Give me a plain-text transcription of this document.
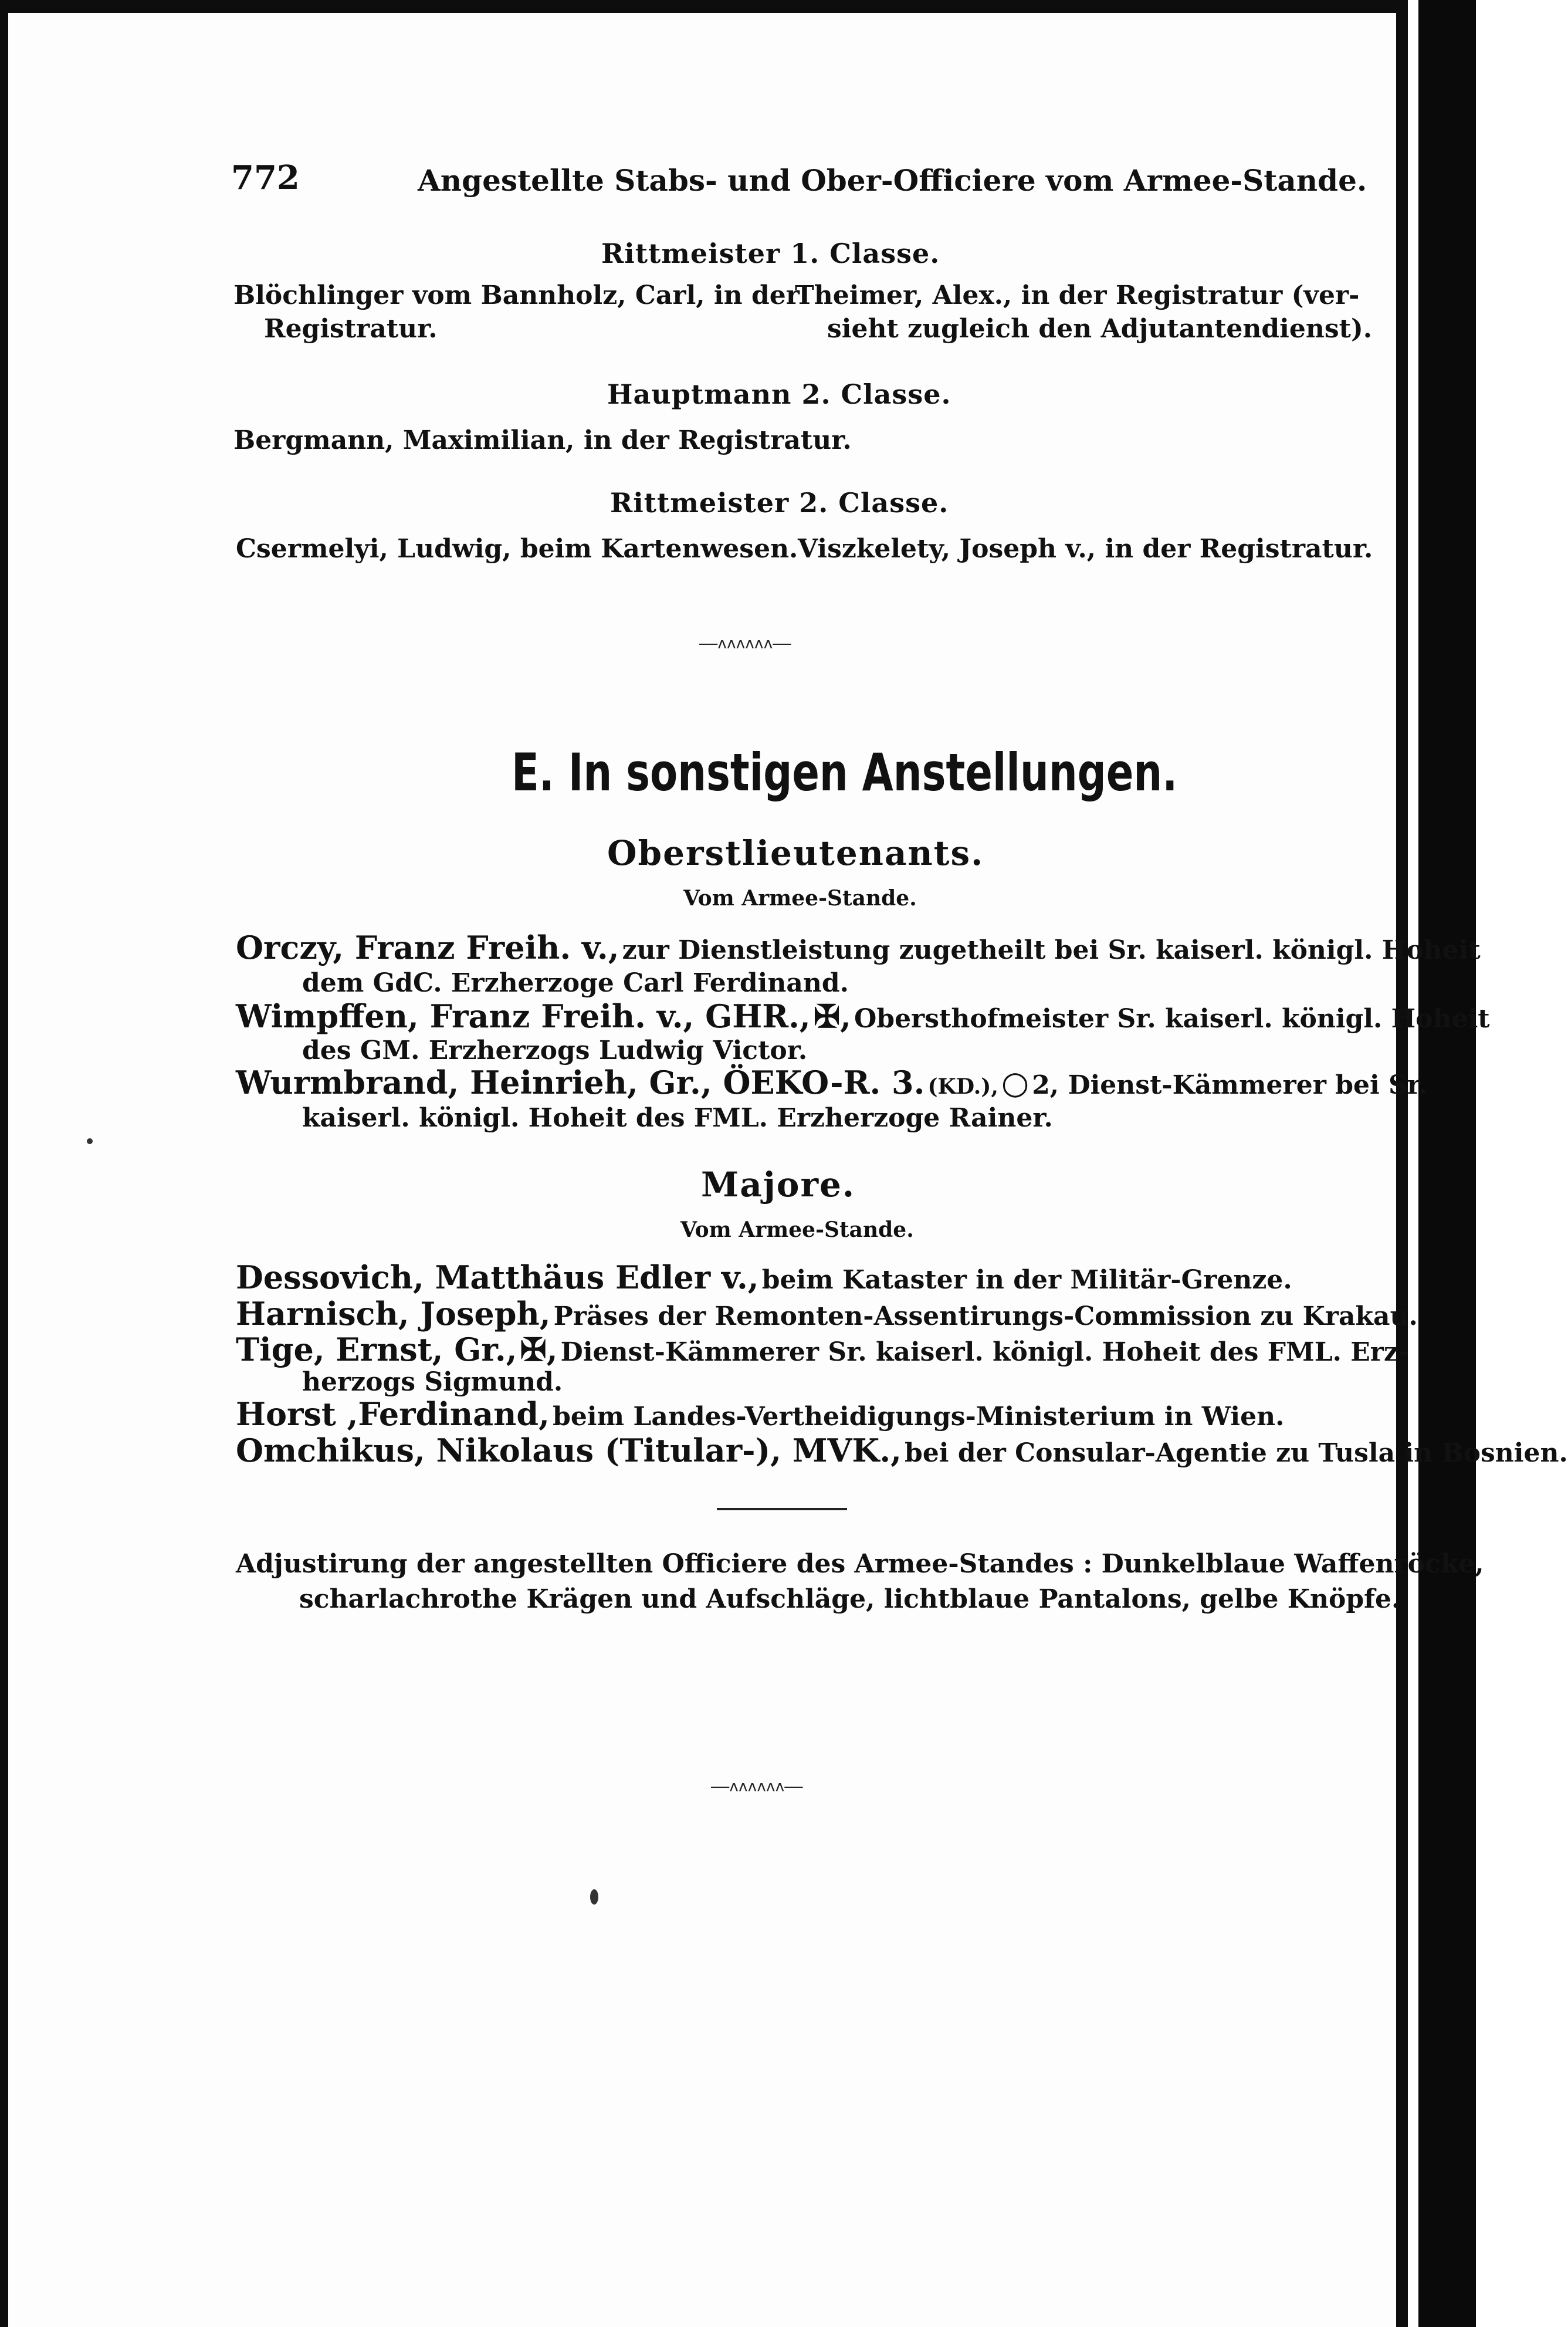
772	Angestellte Stabs- und Ober-Officiere vom Armee-Stande.
Rittmeister 1. Classe.
Blöchlinger vom Bannholz, Carl, in der
Registratur.
Theimer, Alex., in der Registratur (ver-
sieht zugleich den Adjutantendienst).
Hauptmann 2. Classe.
Bergmann, Maximilian, in der Registratur.
Rittmeister 2. Classe.
Csermelyi, Ludwig, beim Kartenwesen. Viszkelety, Joseph v., in der Registratur.
——ʌʌʌʌʌʌ——
E. In sonstigen Anstellungen.
Oberstlieutenants.
Vom Armee-Stande.
Orczy, Franz Freih. v., zur Dienstleistung zugetheilt bei Sr. kaiserl. königl. Hoheit
dem GdC. Erzherzoge Carl Ferdinand.
Wimpffen, Franz Freih. v., GHR., ✠, Obersthofmeister Sr. kaiserl. königl. Hoheit
des GM. Erzherzogs Ludwig Victor.
Wurmbrand, Heinrieh, Gr., ÖEKO-R. 3. (KD.), ○ 2, Dienst-Kämmerer bei Sr.
kaiserl. königl. Hoheit des FML. Erzherzoge Rainer.
Majore.
Vom Armee-Stande.
Dessovich, Matthäus Edler v., beim Kataster in der Militär-Grenze.
Harnisch, Joseph, Präses der Remonten-Assentirungs-Commission zu Krakau.
Tige, Ernst, Gr., ✠, Dienst-Kämmerer Sr. kaiserl. königl. Hoheit des FML. Erz-
herzogs Sigmund.
Horst ,Ferdinand, beim Landes-Vertheidigungs-Ministerium in Wien.
Omchikus, Nikolaus (Titular-), MVK., bei der Consular-Agentie zu Tusla in Bosnien.
Adjustirung der angestellten Officiere des Armee-Standes : Dunkelblaue Waffenröcke,
scharlachrothe Krägen und Aufschläge, lichtblaue Pantalons, gelbe Knöpfe.
——ʌʌʌʌʌʌ——
